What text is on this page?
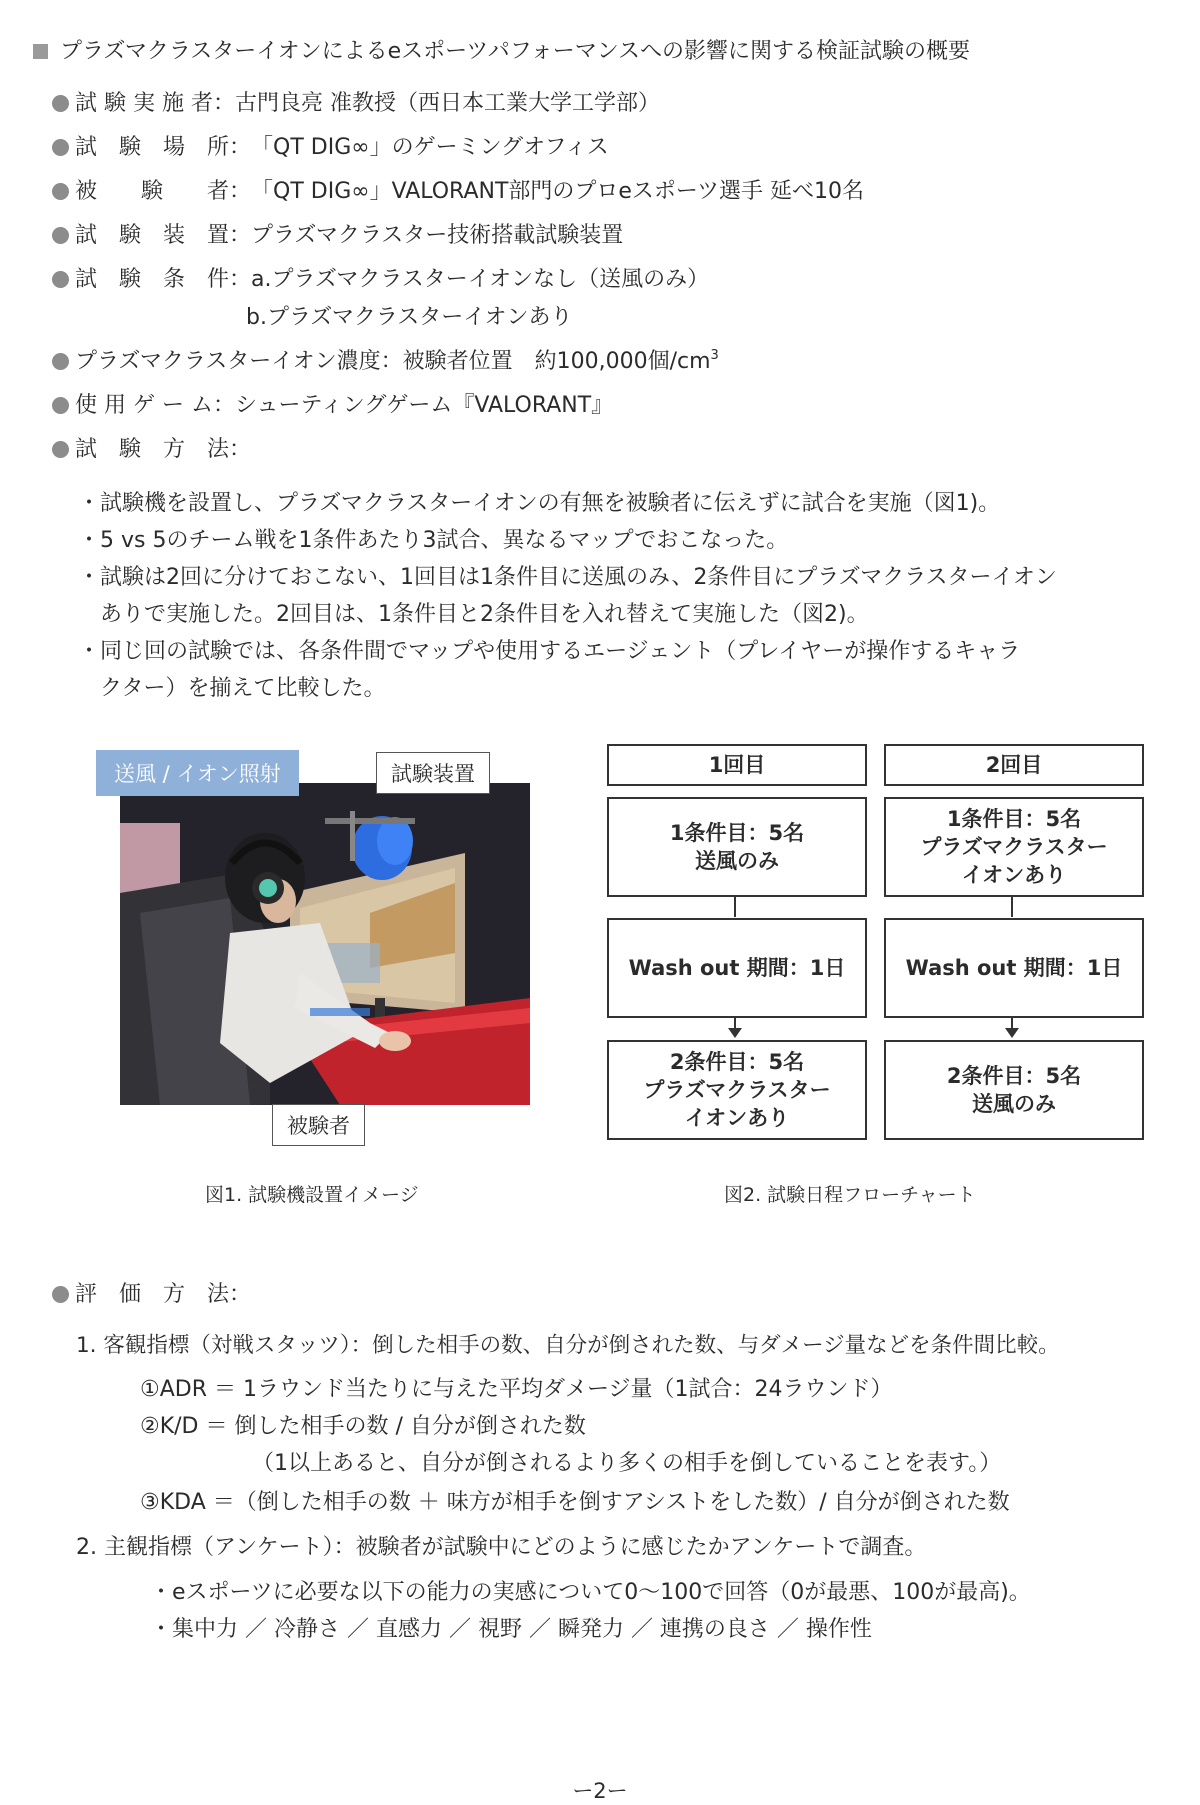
プラズマクラスターイオンによるeスポーツパフォーマンスへの影響に関する検証試験の概要
試 験 実 施 者：古門良亮 准教授（西日本工業大学工学部）
試　験　場　所：「QT DIG∞」のゲーミングオフィス
被　　験　　者：「QT DIG∞」VALORANT部門のプロeスポーツ選手 延べ10名
試　験　装　置：プラズマクラスター技術搭載試験装置
試　験　条　件：a.プラズマクラスターイオンなし（送風のみ）
b.プラズマクラスターイオンあり
プラズマクラスターイオン濃度：被験者位置　約100,000個$/cm^3$
使 用 ゲ ー ム：シューティングゲーム『VALORANT』
試　験　方　法：
・試験機を設置し、プラズマクラスターイオンの有無を被験者に伝えずに試合を実施（図1)。
・5 vs 5のチーム戦を1条件あたり3試合、異なるマップでおこなった。
・試験は2回に分けておこない、1回目は1条件目に送風のみ、2条件目にプラズマクラスターイオン
　ありで実施した。2回目は、1条件目と2条件目を入れ替えて実施した（図2)。
・同じ回の試験では、各条件間でマップや使用するエージェント（プレイヤーが操作するキャラ
　クター）を揃えて比較した。
送風 / イオン照射	試験装置
被験者
図1. 試験機設置イメージ
1回目	2回目
1条件目：5名
送風のみ
1条件目：5名
プラズマクラスター
イオンあり
Wash out 期間：1日	Wash out 期間：1日
2条件目：5名
プラズマクラスター
イオンあり
2条件目：5名
送風のみ
図2. 試験日程フローチャート
評　価　方　法：
1. 客観指標（対戦スタッツ）：倒した相手の数、自分が倒された数、与ダメージ量などを条件間比較。
①ADR ＝ 1ラウンド当たりに与えた平均ダメージ量（1試合：24ラウンド）
②K/D ＝ 倒した相手の数 / 自分が倒された数
（1以上あると、自分が倒されるより多くの相手を倒していることを表す。）
③KDA ＝（倒した相手の数 ＋ 味方が相手を倒すアシストをした数）/ 自分が倒された数
2. 主観指標（アンケート）：被験者が試験中にどのように感じたかアンケートで調査。
・eスポーツに必要な以下の能力の実感について0～100で回答（0が最悪、100が最高)。
・集中力 ／ 冷静さ ／ 直感力 ／ 視野 ／ 瞬発力 ／ 連携の良さ ／ 操作性
ー2ー
